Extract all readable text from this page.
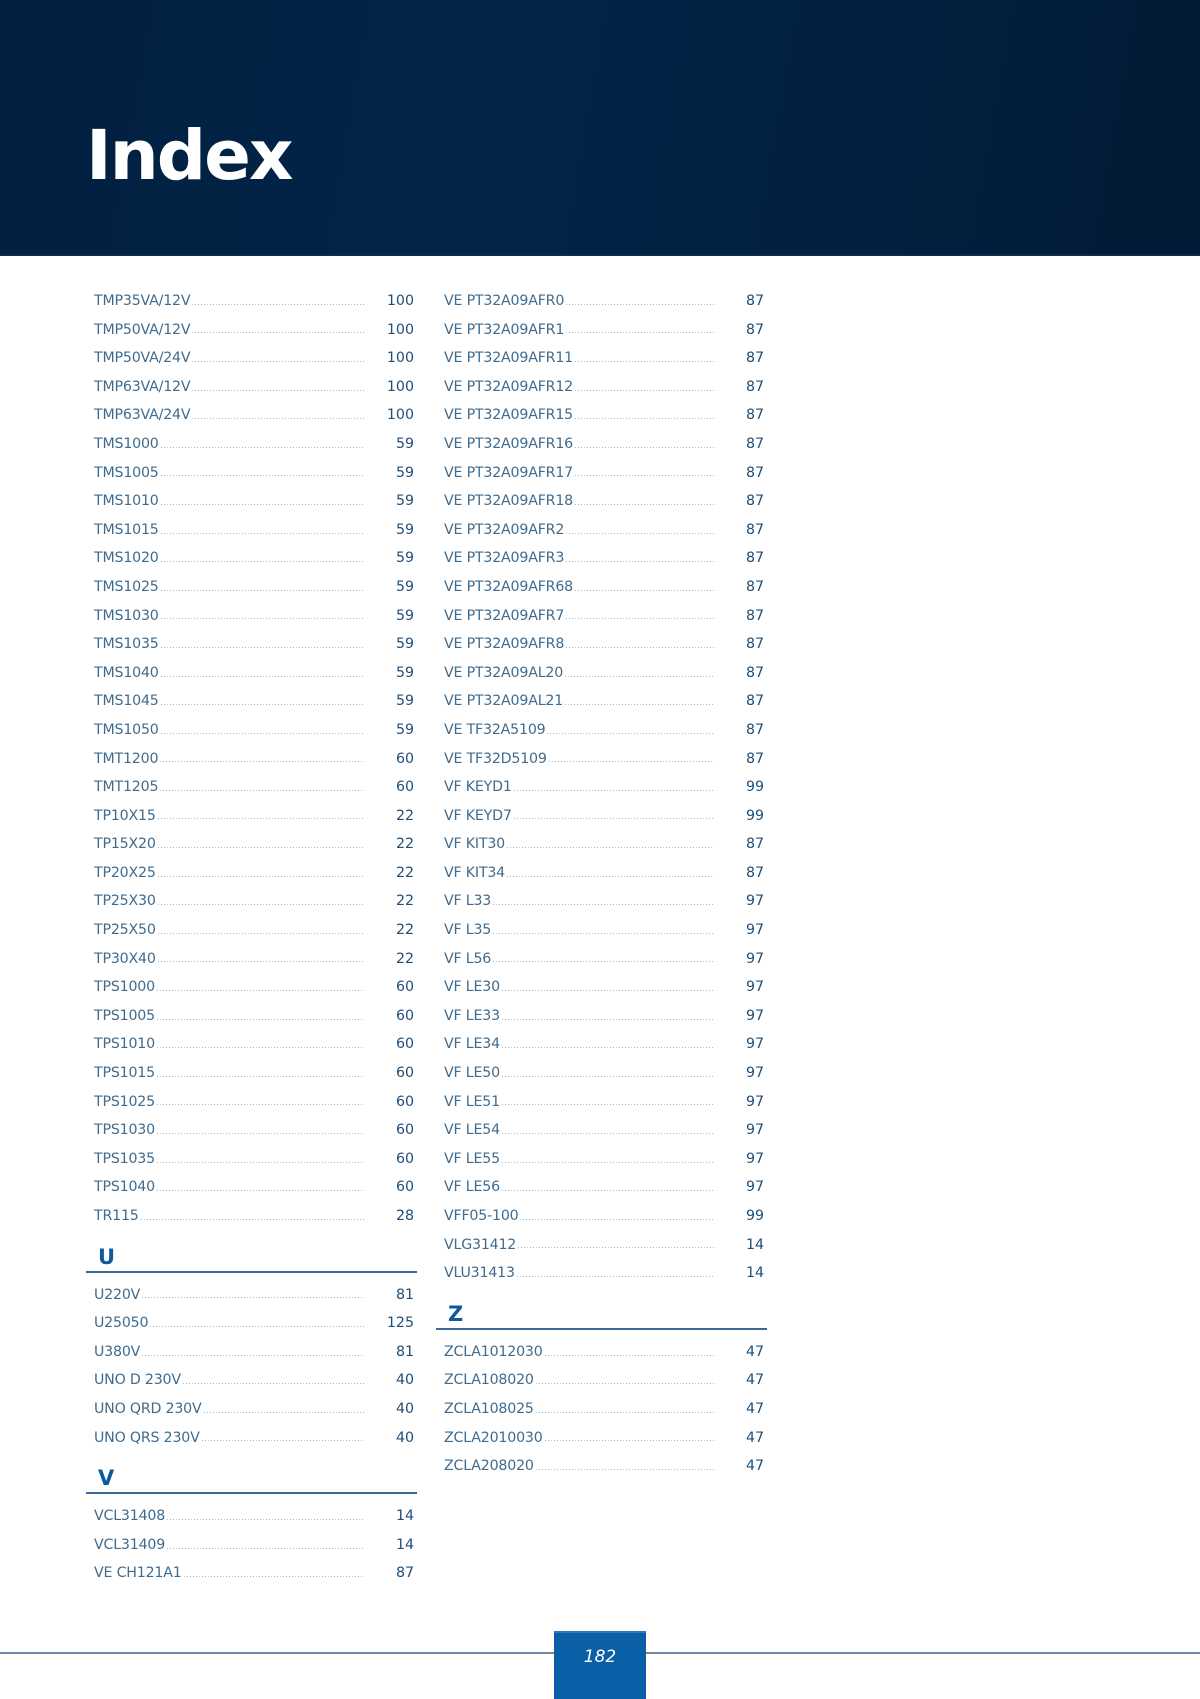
Index
TMP35VA/12V	100
TMP50VA/12V	100
TMP50VA/24V	100
TMP63VA/12V	100
TMP63VA/24V	100
TMS1000	59
TMS1005	59
TMS1010	59
TMS1015	59
TMS1020	59
TMS1025	59
TMS1030	59
TMS1035	59
TMS1040	59
TMS1045	59
TMS1050	59
TMT1200	60
TMT1205	60
TP10X15	22
TP15X20	22
TP20X25	22
TP25X30	22
TP25X50	22
TP30X40	22
TPS1000	60
TPS1005	60
TPS1010	60
TPS1015	60
TPS1025	60
TPS1030	60
TPS1035	60
TPS1040	60
TR115	28
U
U220V	81
U25050	125
U380V	81
UNO D 230V	40
UNO QRD 230V	40
UNO QRS 230V	40
V
VCL31408	14
VCL31409	14
VE CH121A1	87
VE PT32A09AFR0	87
VE PT32A09AFR1	87
VE PT32A09AFR11	87
VE PT32A09AFR12	87
VE PT32A09AFR15	87
VE PT32A09AFR16	87
VE PT32A09AFR17	87
VE PT32A09AFR18	87
VE PT32A09AFR2	87
VE PT32A09AFR3	87
VE PT32A09AFR68	87
VE PT32A09AFR7	87
VE PT32A09AFR8	87
VE PT32A09AL20	87
VE PT32A09AL21	87
VE TF32A5109	87
VE TF32D5109	87
VF KEYD1	99
VF KEYD7	99
VF KIT30	87
VF KIT34	87
VF L33	97
VF L35	97
VF L56	97
VF LE30	97
VF LE33	97
VF LE34	97
VF LE50	97
VF LE51	97
VF LE54	97
VF LE55	97
VF LE56	97
VFF05-100	99
VLG31412	14
VLU31413	14
Z
ZCLA1012030	47
ZCLA108020	47
ZCLA108025	47
ZCLA2010030	47
ZCLA208020	47
182
